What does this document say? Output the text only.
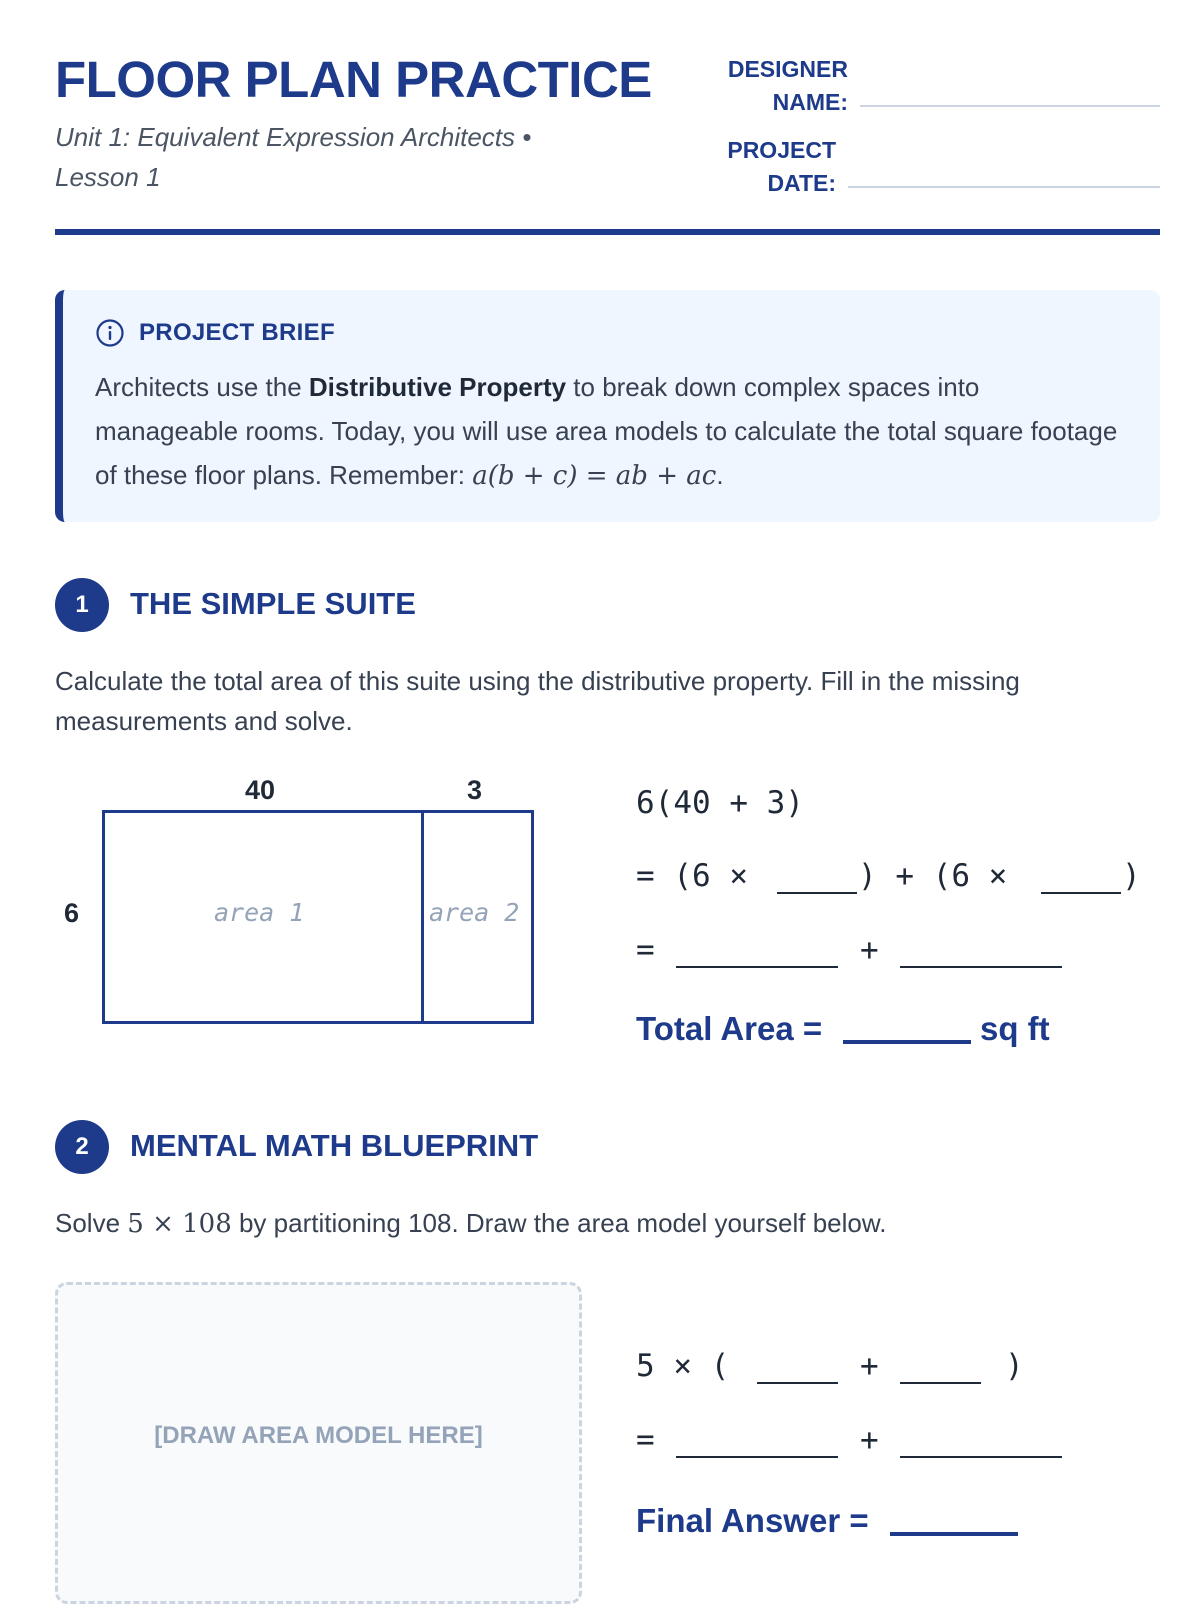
FLOOR PLAN PRACTICE
Unit 1: Equivalent Expression Architects • Lesson 1
DESIGNER
NAME:
PROJECT
DATE:
PROJECT BRIEF
Architects use the Distributive Property to break down complex spaces into manageable rooms. Today, you will use area models to calculate the total square footage of these floor plans. Remember: a(b + c) = ab + ac.
1	THE SIMPLE SUITE
Calculate the total area of this suite using the distributive property. Fill in the missing measurements and solve.
40	3
6	area 1	area 2
6(40 + 3)
= (6 ×	) + (6 ×	)
=	+
Total Area =	sq ft
2	MENTAL MATH BLUEPRINT
Solve 5 × 108 by partitioning 108. Draw the area model yourself below.
[DRAW AREA MODEL HERE]
5 × (	+	)
=	+
Final Answer =
